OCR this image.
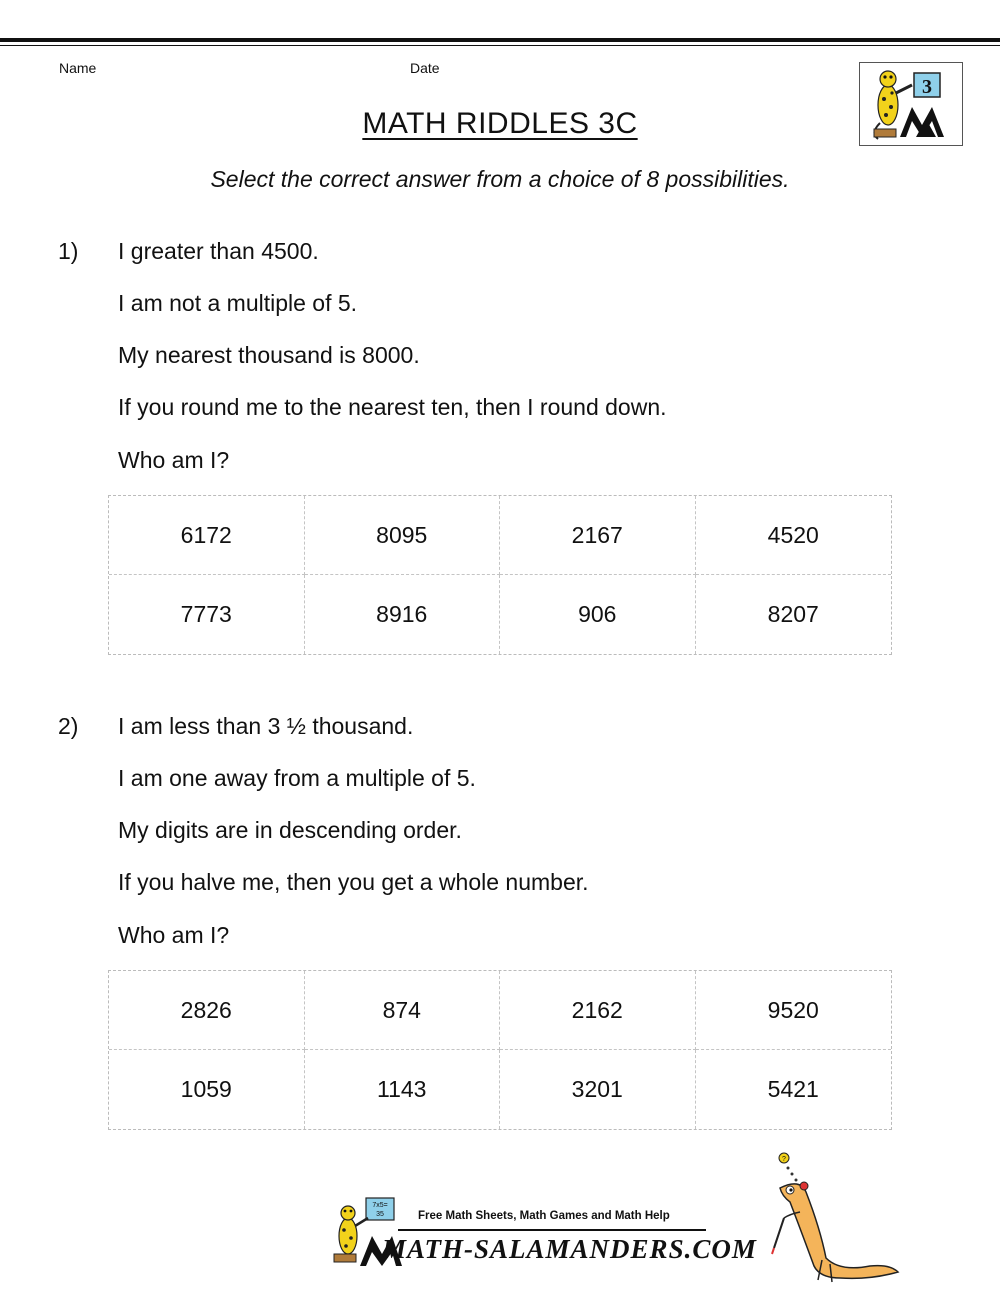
Name	Date
3
MATH RIDDLES 3C
Select the correct answer from a choice of 8 possibilities.
1) I greater than 4500.
I am not a multiple of 5.
My nearest thousand is 8000.
If you round me to the nearest ten, then I round down.
Who am I?
6172	8095	2167	4520
7773	8916	906	8207
2) I am less than 3 ½ thousand.
I am one away from a multiple of 5.
My digits are in descending order.
If you halve me, then you get a whole number.
Who am I?
2826	874	2162	9520
1059	1143	3201	5421
7x5=
35	Free Math Sheets, Math Games and Math Help
MATH-SALAMANDERS.COM
?
